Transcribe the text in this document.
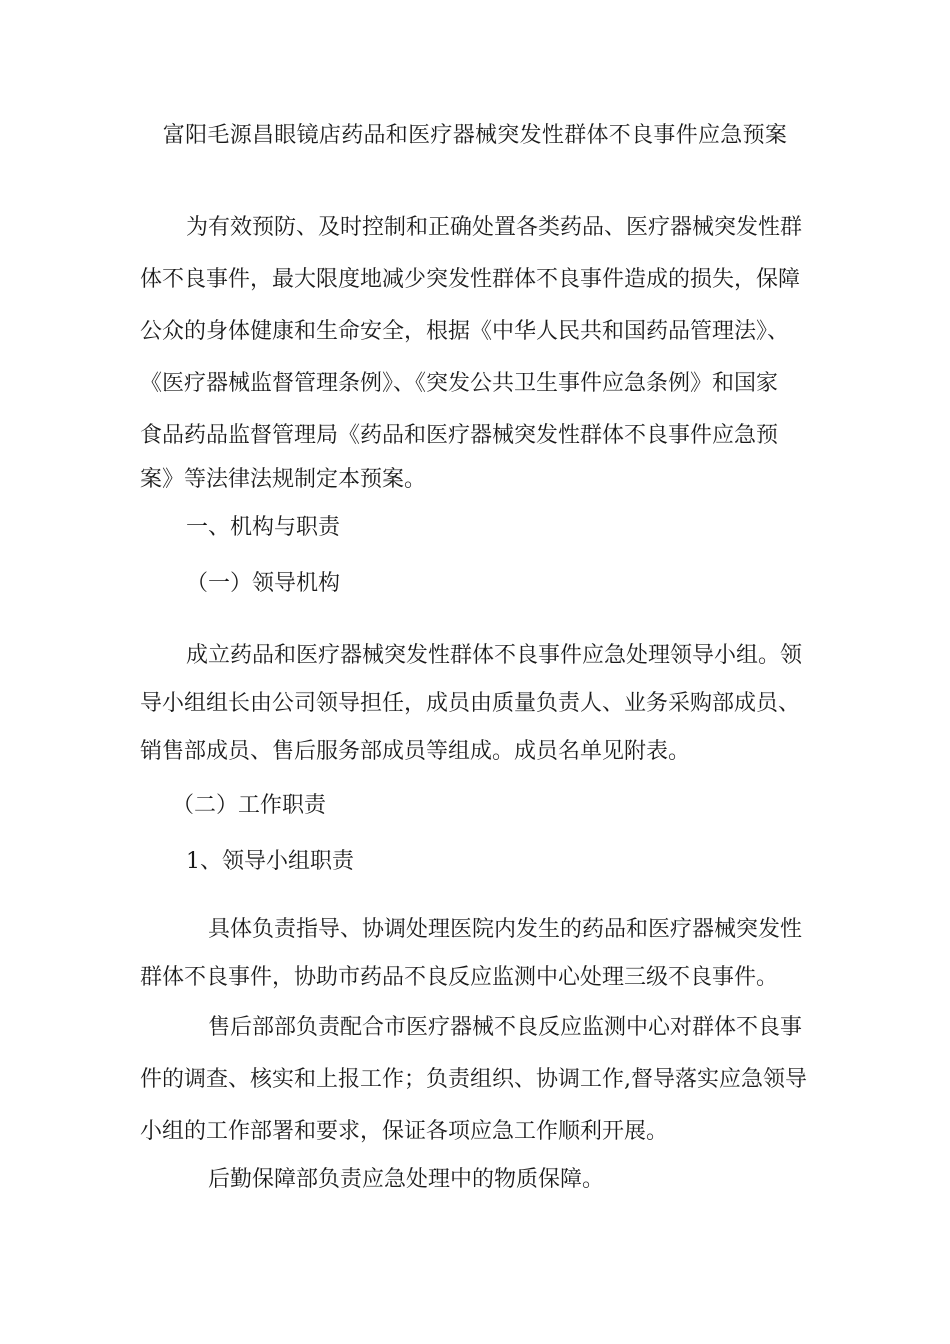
富阳毛源昌眼镜店药品和医疗器械突发性群体不良事件应急预案
为有效预防、及时控制和正确处置各类药品、医疗器械突发性群
体不良事件，最大限度地减少突发性群体不良事件造成的损失，保障
公众的身体健康和生命安全，根据《中华人民共和国药品管理法》、
《医疗器械监督管理条例》、《突发公共卫生事件应急条例》和国家
食品药品监督管理局《药品和医疗器械突发性群体不良事件应急预
案》等法律法规制定本预案。
一、机构与职责
（一）领导机构
成立药品和医疗器械突发性群体不良事件应急处理领导小组。领
导小组组长由公司领导担任，成员由质量负责人、业务采购部成员、
销售部成员、售后服务部成员等组成。成员名单见附表。
（二）工作职责
1、领导小组职责
具体负责指导、协调处理医院内发生的药品和医疗器械突发性
群体不良事件，协助市药品不良反应监测中心处理三级不良事件。
售后部部负责配合市医疗器械不良反应监测中心对群体不良事
件的调查、核实和上报工作；负责组织、协调工作,督导落实应急领导
小组的工作部署和要求，保证各项应急工作顺利开展。
后勤保障部负责应急处理中的物质保障。
